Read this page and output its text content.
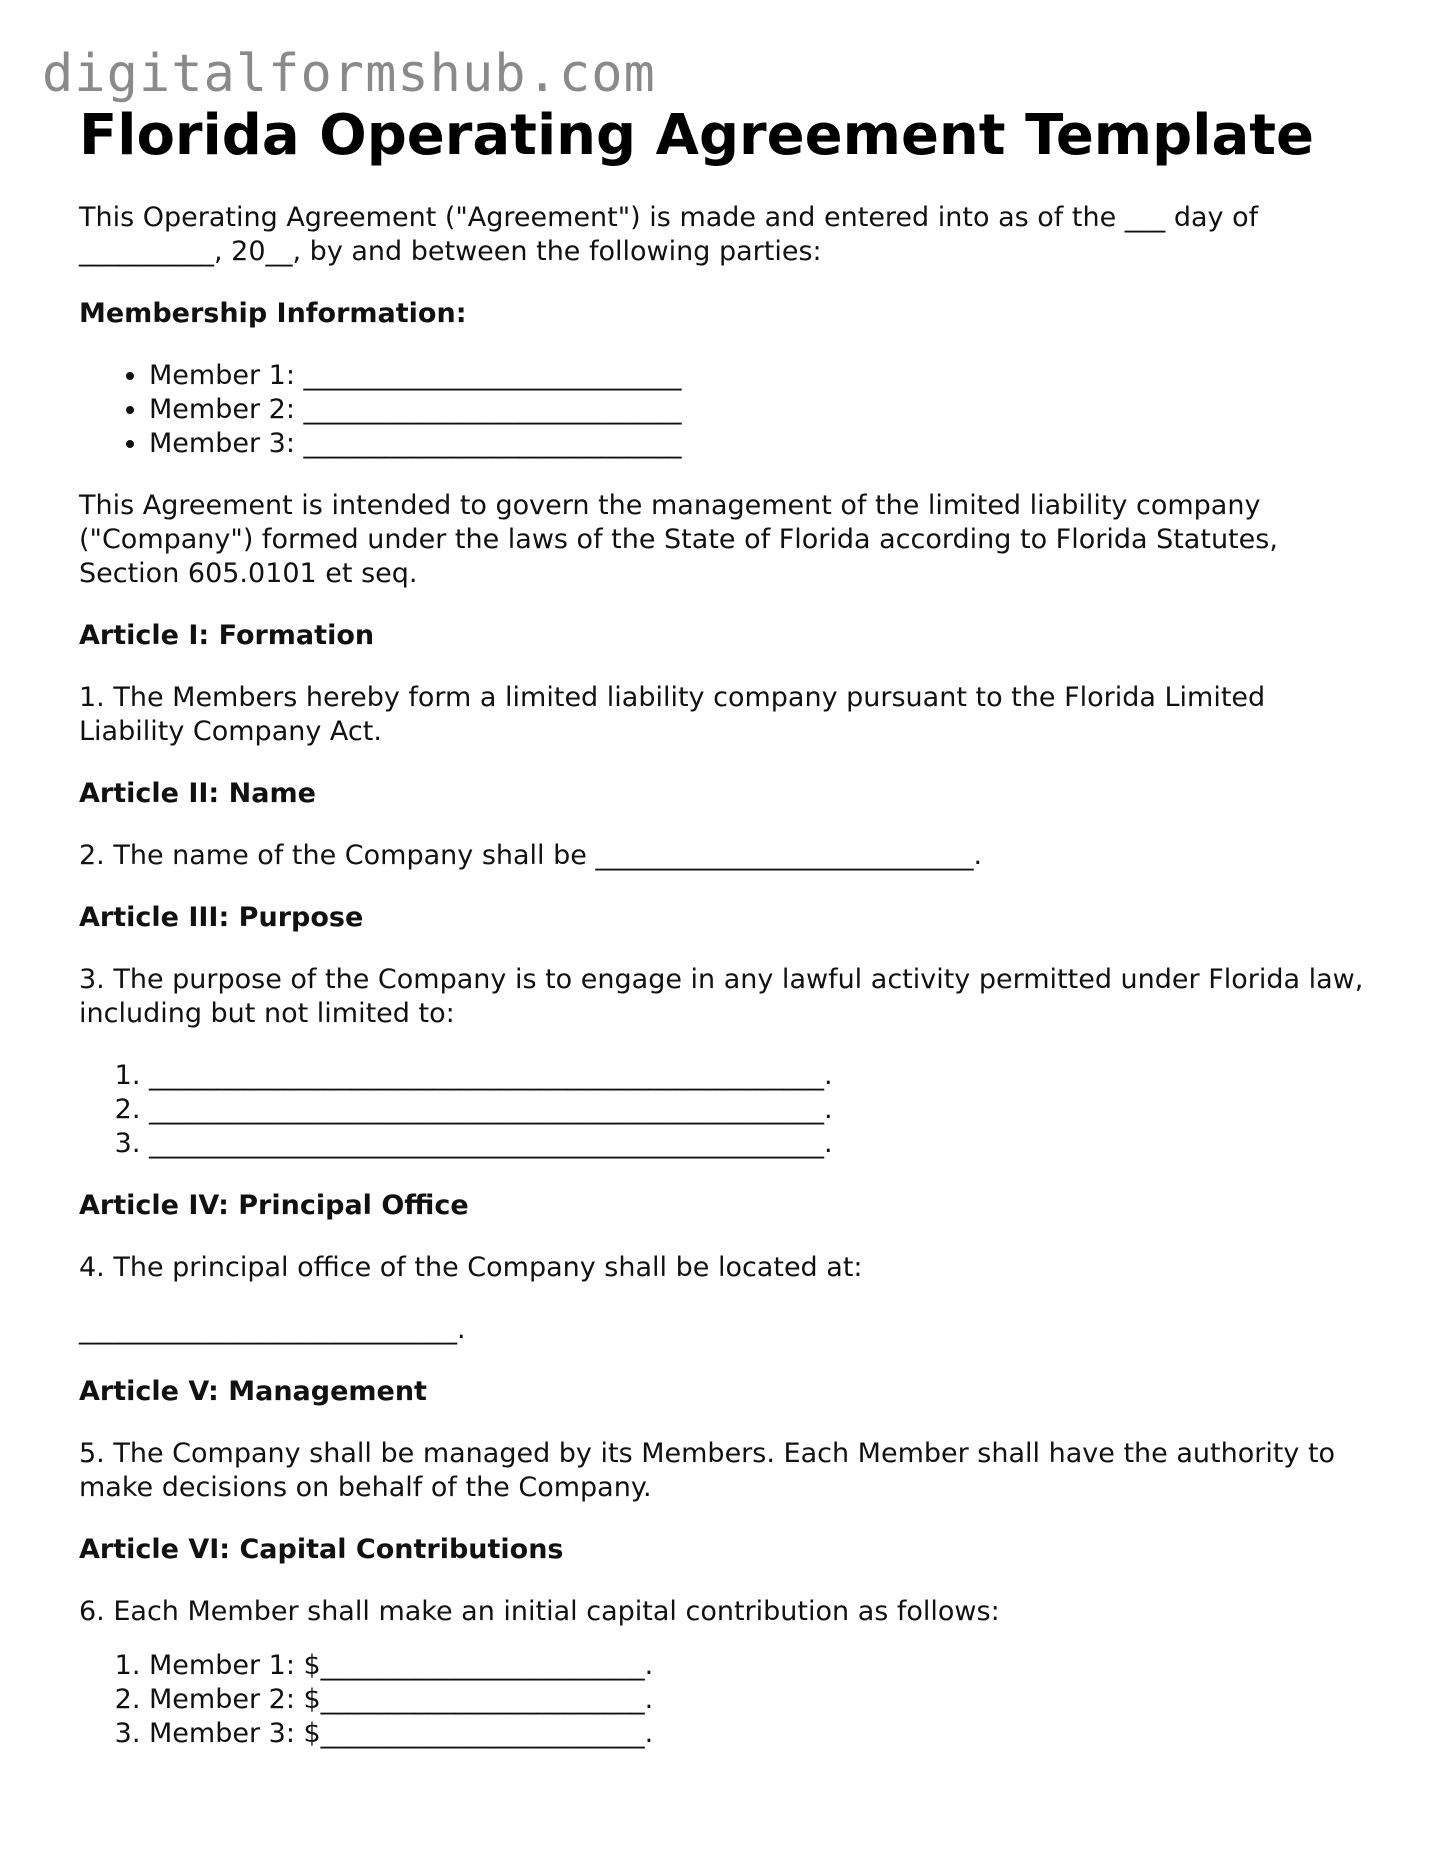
digitalformshub.com
Florida Operating Agreement Template

This Operating Agreement ("Agreement") is made and entered into as of the ___ day of __________, 20__, by and between the following parties:

Membership Information:

• Member 1: ____________________________
• Member 2: ____________________________
• Member 3: ____________________________

This Agreement is intended to govern the management of the limited liability company ("Company") formed under the laws of the State of Florida according to Florida Statutes, Section 605.0101 et seq.

Article I: Formation

1. The Members hereby form a limited liability company pursuant to the Florida Limited Liability Company Act.

Article II: Name

2. The name of the Company shall be ____________________________.

Article III: Purpose

3. The purpose of the Company is to engage in any lawful activity permitted under Florida law, including but not limited to:

1. __________________________________________________.
2. __________________________________________________.
3. __________________________________________________.

Article IV: Principal Office

4. The principal office of the Company shall be located at:

____________________________.

Article V: Management

5. The Company shall be managed by its Members. Each Member shall have the authority to make decisions on behalf of the Company.

Article VI: Capital Contributions

6. Each Member shall make an initial capital contribution as follows:

1. Member 1: $________________________.
2. Member 2: $________________________.
3. Member 3: $________________________.
